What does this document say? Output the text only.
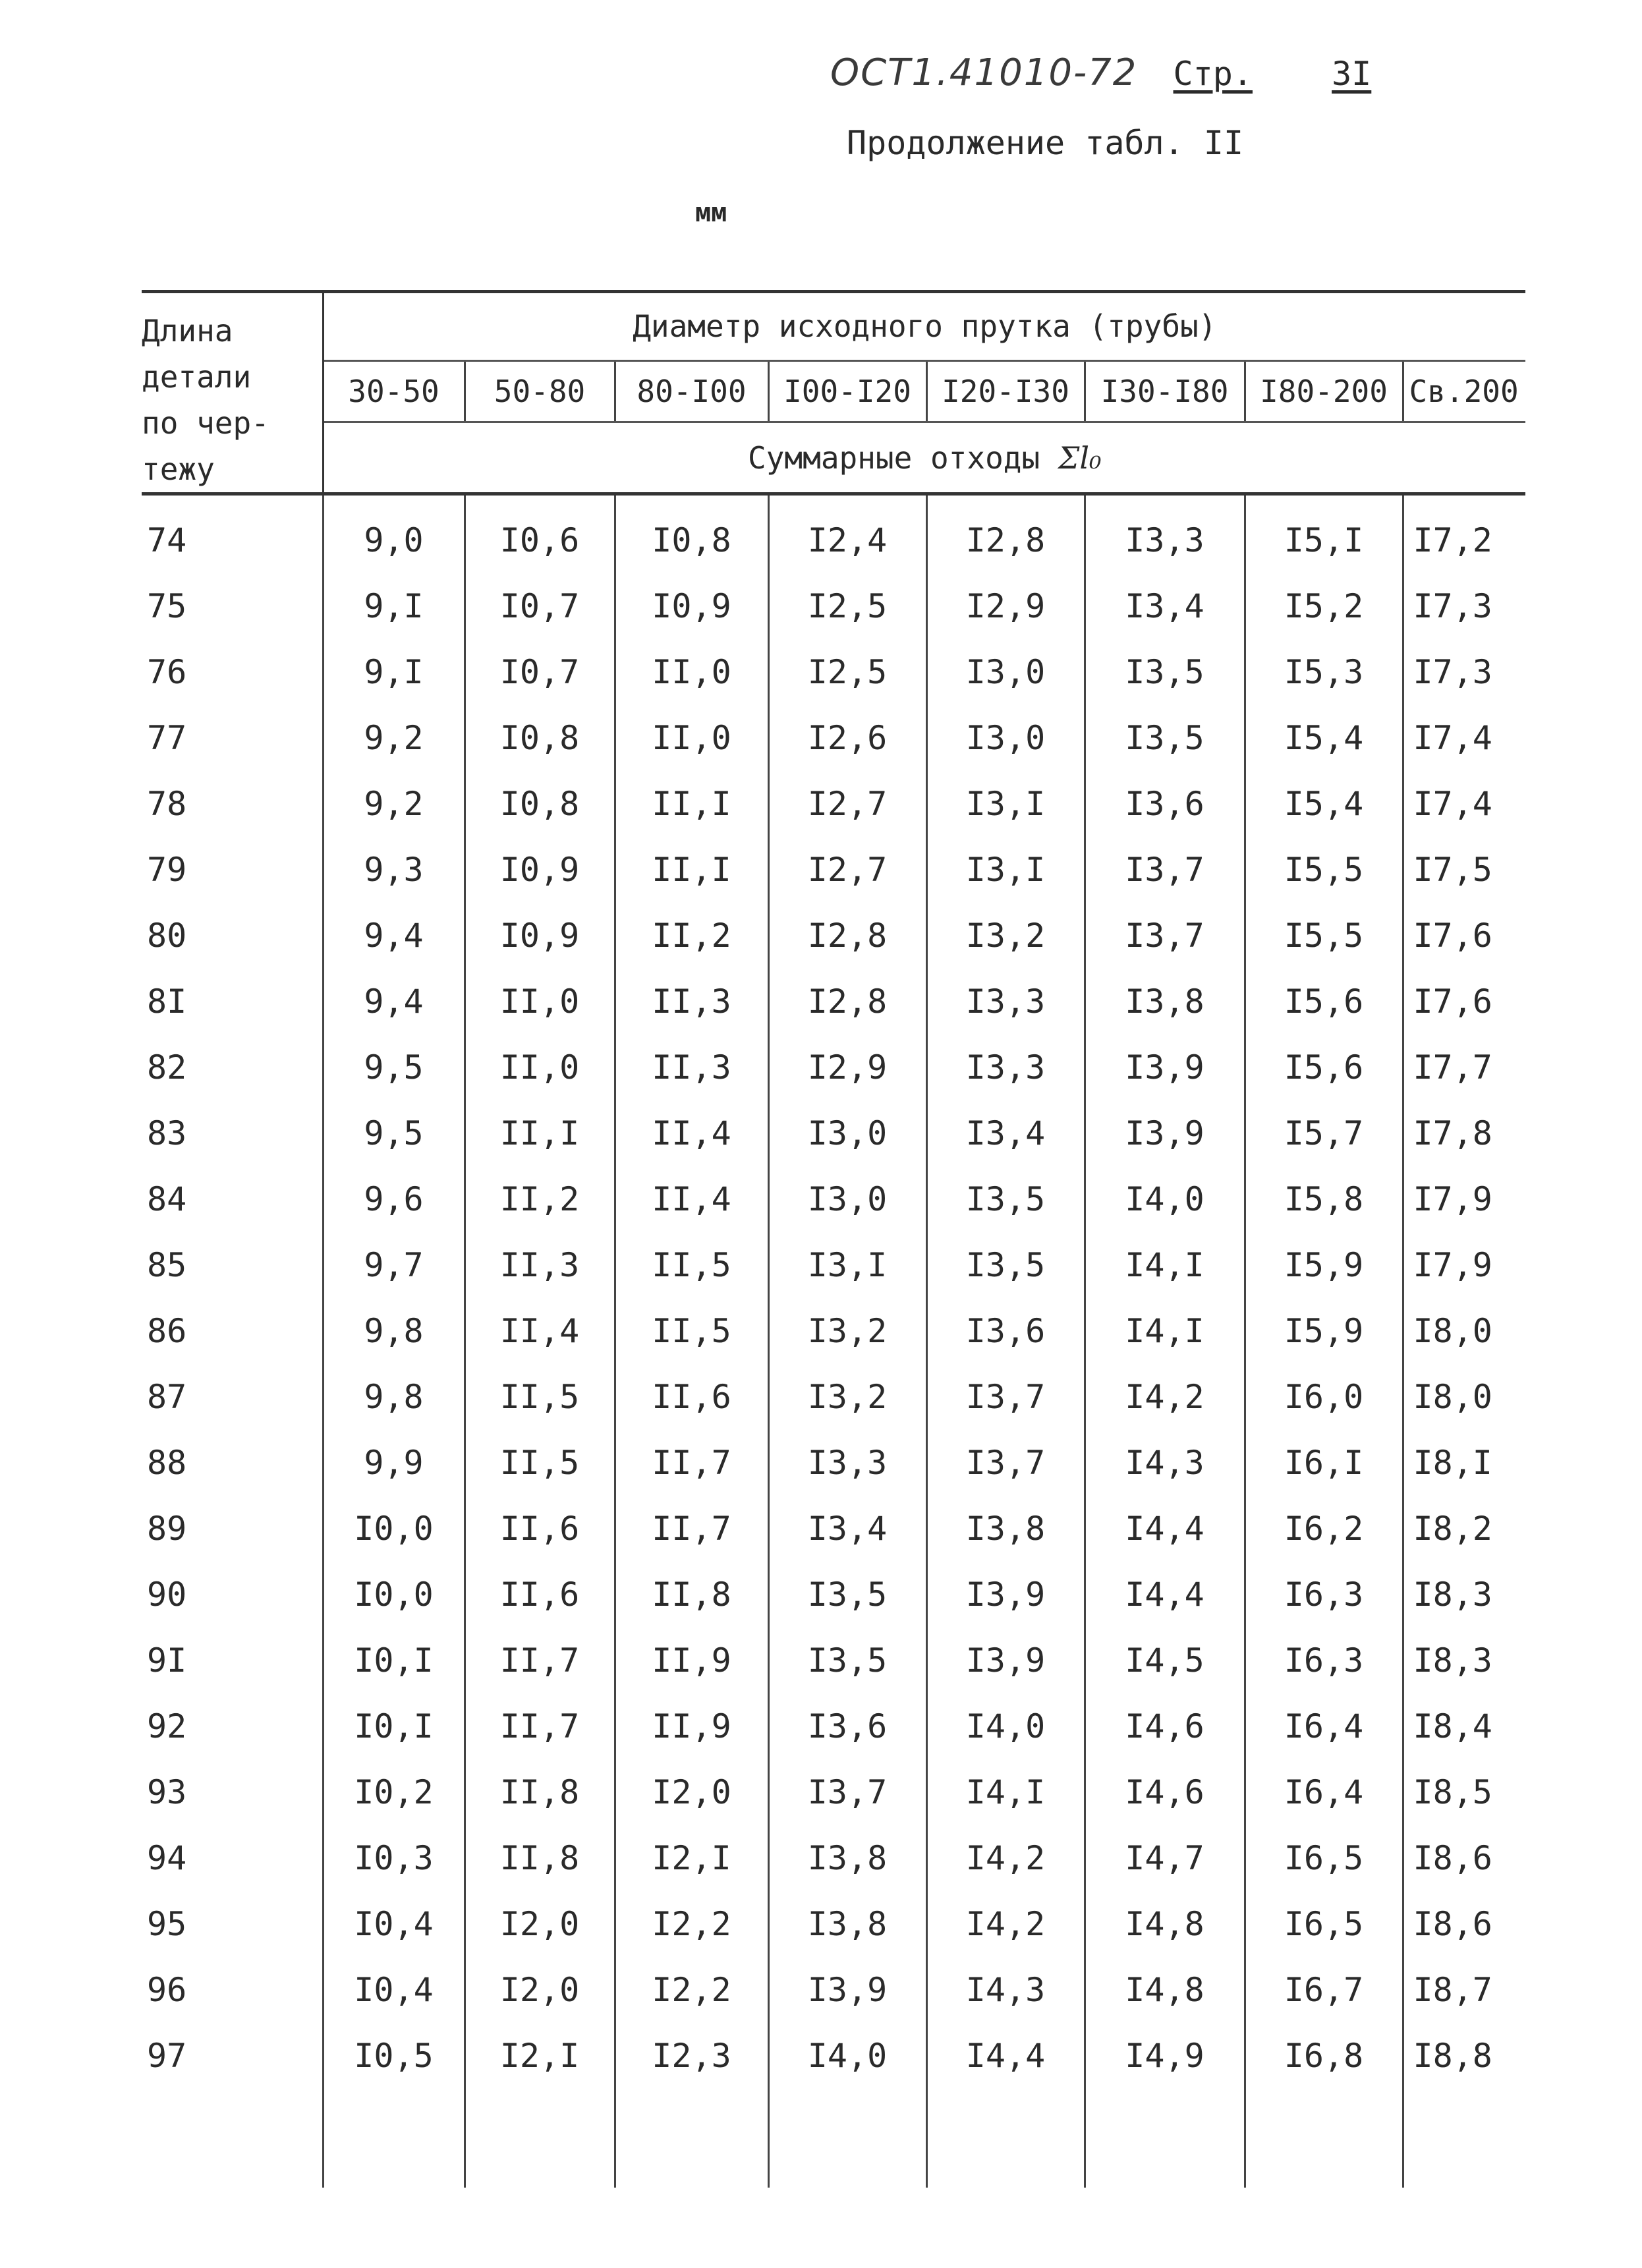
ОСТ1.41010-72 Стр. 3I
Продолжение табл. II
мм
Длина
детали
по чер-
тежу	Диаметр исходного прутка (трубы)							
	30-50	50-80	80-I00	I00-I20	I20-I30	I30-I80	I80-200	Св.200
	Суммарные отходы Σl₀							
74	9,0	I0,6	I0,8	I2,4	I2,8	I3,3	I5,I	I7,2
75	9,I	I0,7	I0,9	I2,5	I2,9	I3,4	I5,2	I7,3
76	9,I	I0,7	II,0	I2,5	I3,0	I3,5	I5,3	I7,3
77	9,2	I0,8	II,0	I2,6	I3,0	I3,5	I5,4	I7,4
78	9,2	I0,8	II,I	I2,7	I3,I	I3,6	I5,4	I7,4
79	9,3	I0,9	II,I	I2,7	I3,I	I3,7	I5,5	I7,5
80	9,4	I0,9	II,2	I2,8	I3,2	I3,7	I5,5	I7,6
8I	9,4	II,0	II,3	I2,8	I3,3	I3,8	I5,6	I7,6
82	9,5	II,0	II,3	I2,9	I3,3	I3,9	I5,6	I7,7
83	9,5	II,I	II,4	I3,0	I3,4	I3,9	I5,7	I7,8
84	9,6	II,2	II,4	I3,0	I3,5	I4,0	I5,8	I7,9
85	9,7	II,3	II,5	I3,I	I3,5	I4,I	I5,9	I7,9
86	9,8	II,4	II,5	I3,2	I3,6	I4,I	I5,9	I8,0
87	9,8	II,5	II,6	I3,2	I3,7	I4,2	I6,0	I8,0
88	9,9	II,5	II,7	I3,3	I3,7	I4,3	I6,I	I8,I
89	I0,0	II,6	II,7	I3,4	I3,8	I4,4	I6,2	I8,2
90	I0,0	II,6	II,8	I3,5	I3,9	I4,4	I6,3	I8,3
9I	I0,I	II,7	II,9	I3,5	I3,9	I4,5	I6,3	I8,3
92	I0,I	II,7	II,9	I3,6	I4,0	I4,6	I6,4	I8,4
93	I0,2	II,8	I2,0	I3,7	I4,I	I4,6	I6,4	I8,5
94	I0,3	II,8	I2,I	I3,8	I4,2	I4,7	I6,5	I8,6
95	I0,4	I2,0	I2,2	I3,8	I4,2	I4,8	I6,5	I8,6
96	I0,4	I2,0	I2,2	I3,9	I4,3	I4,8	I6,7	I8,7
97	I0,5	I2,I	I2,3	I4,0	I4,4	I4,9	I6,8	I8,8
